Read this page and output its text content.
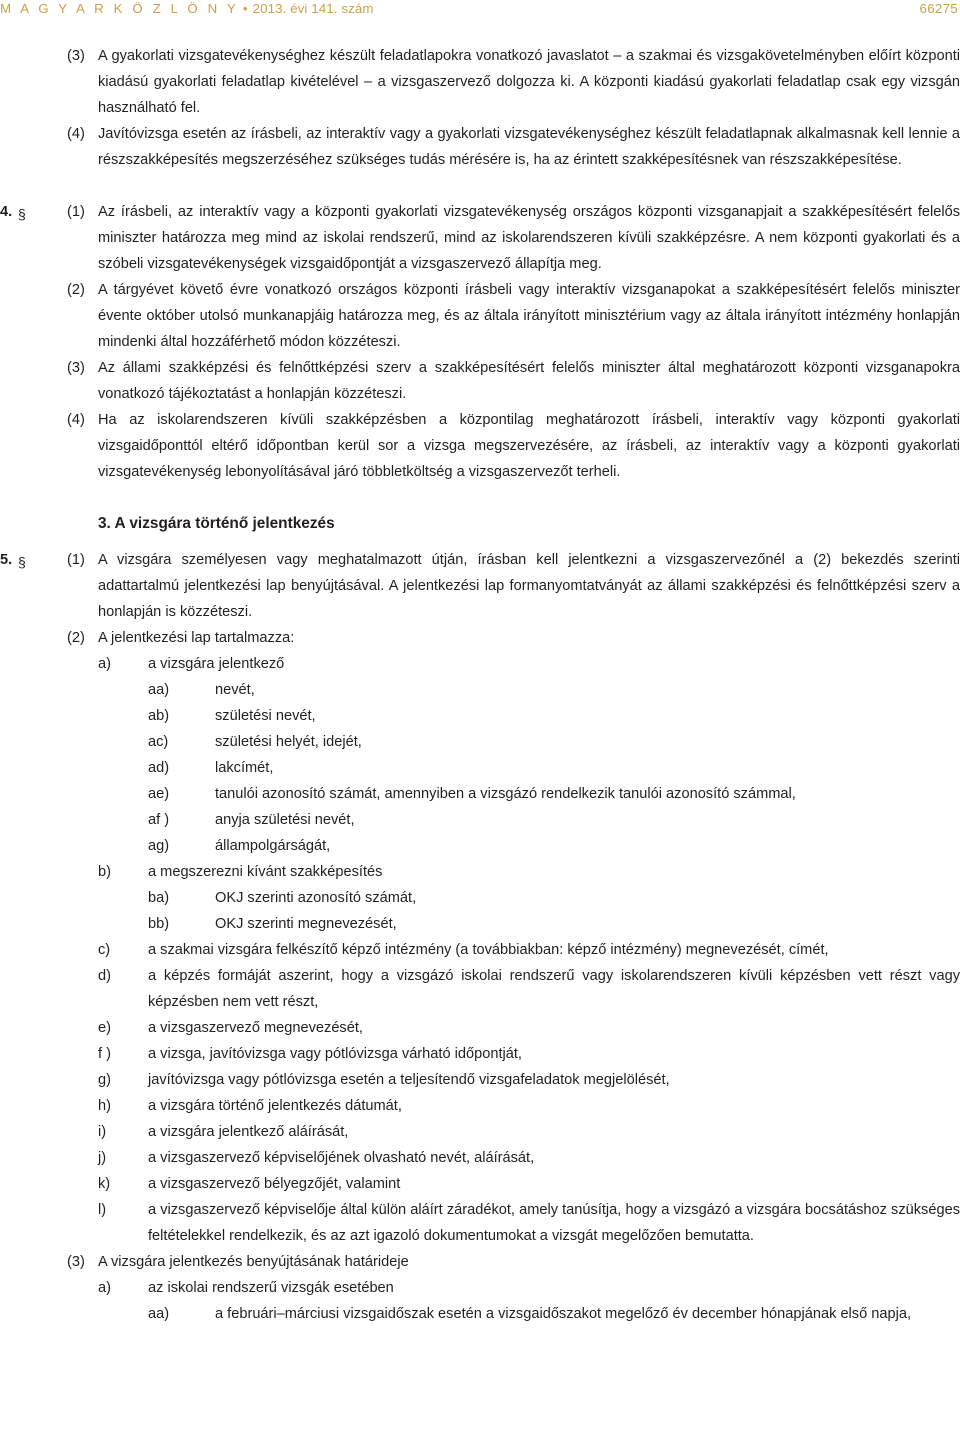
M A G Y A R K Ö Z L Ö N Y • 2013. évi 141. szám	66275
(3) A gyakorlati vizsgatevékenységhez készült feladatlapokra vonatkozó javaslatot – a szakmai és vizsgakövetelményben előírt központi kiadású gyakorlati feladatlap kivételével – a vizsgaszervező dolgozza ki. A központi kiadású gyakorlati feladatlap csak egy vizsgán használható fel.
(4) Javítóvizsga esetén az írásbeli, az interaktív vagy a gyakorlati vizsgatevékenységhez készült feladatlapnak alkalmasnak kell lennie a részszakképesítés megszerzéséhez szükséges tudás mérésére is, ha az érintett szakképesítésnek van részszakképesítése.
4. §	(1) Az írásbeli, az interaktív vagy a központi gyakorlati vizsgatevékenység országos központi vizsganapjait a szakképesítésért felelős miniszter határozza meg mind az iskolai rendszerű, mind az iskolarendszeren kívüli szakképzésre. A nem központi gyakorlati és a szóbeli vizsgatevékenységek vizsgaidőpontját a vizsgaszervező állapítja meg.
(2) A tárgyévet követő évre vonatkozó országos központi írásbeli vagy interaktív vizsganapokat a szakképesítésért felelős miniszter évente október utolsó munkanapjáig határozza meg, és az általa irányított minisztérium vagy az általa irányított intézmény honlapján mindenki által hozzáférhető módon közzéteszi.
(3) Az állami szakképzési és felnőttképzési szerv a szakképesítésért felelős miniszter által meghatározott központi vizsganapokra vonatkozó tájékoztatást a honlapján közzéteszi.
(4) Ha az iskolarendszeren kívüli szakképzésben a központilag meghatározott írásbeli, interaktív vagy központi gyakorlati vizsgaidőponttól eltérő időpontban kerül sor a vizsga megszervezésére, az írásbeli, az interaktív vagy a központi gyakorlati vizsgatevékenység lebonyolításával járó többletköltség a vizsgaszervezőt terheli.
3. A vizsgára történő jelentkezés
5. §	(1) A vizsgára személyesen vagy meghatalmazott útján, írásban kell jelentkezni a vizsgaszervezőnél a (2) bekezdés szerinti adattartalmú jelentkezési lap benyújtásával. A jelentkezési lap formanyomtatványát az állami szakképzési és felnőttképzési szerv a honlapján is közzéteszi.
(2) A jelentkezési lap tartalmazza:
a)	a vizsgára jelentkező
aa)	nevét,
ab)	születési nevét,
ac)	születési helyét, idejét,
ad)	lakcímét,
ae)	tanulói azonosító számát, amennyiben a vizsgázó rendelkezik tanulói azonosító számmal,
af )	anyja születési nevét,
ag)	állampolgárságát,
b)	a megszerezni kívánt szakképesítés
ba)	OKJ szerinti azonosító számát,
bb)	OKJ szerinti megnevezését,
c)	a szakmai vizsgára felkészítő képző intézmény (a továbbiakban: képző intézmény) megnevezését, címét,
d)	a képzés formáját aszerint, hogy a vizsgázó iskolai rendszerű vagy iskolarendszeren kívüli képzésben vett részt vagy képzésben nem vett részt,
e)	a vizsgaszervező megnevezését,
f )	a vizsga, javítóvizsga vagy pótlóvizsga várható időpontját,
g)	javítóvizsga vagy pótlóvizsga esetén a teljesítendő vizsgafeladatok megjelölését,
h)	a vizsgára történő jelentkezés dátumát,
i)	a vizsgára jelentkező aláírását,
j)	a vizsgaszervező képviselőjének olvasható nevét, aláírását,
k)	a vizsgaszervező bélyegzőjét, valamint
l)	a vizsgaszervező képviselője által külön aláírt záradékot, amely tanúsítja, hogy a vizsgázó a vizsgára bocsátáshoz szükséges feltételekkel rendelkezik, és az azt igazoló dokumentumokat a vizsgát megelőzően bemutatta.
(3) A vizsgára jelentkezés benyújtásának határideje
a)	az iskolai rendszerű vizsgák esetében
aa)	a februári–márciusi vizsgaidőszak esetén a vizsgaidőszakot megelőző év december hónapjának első napja,
